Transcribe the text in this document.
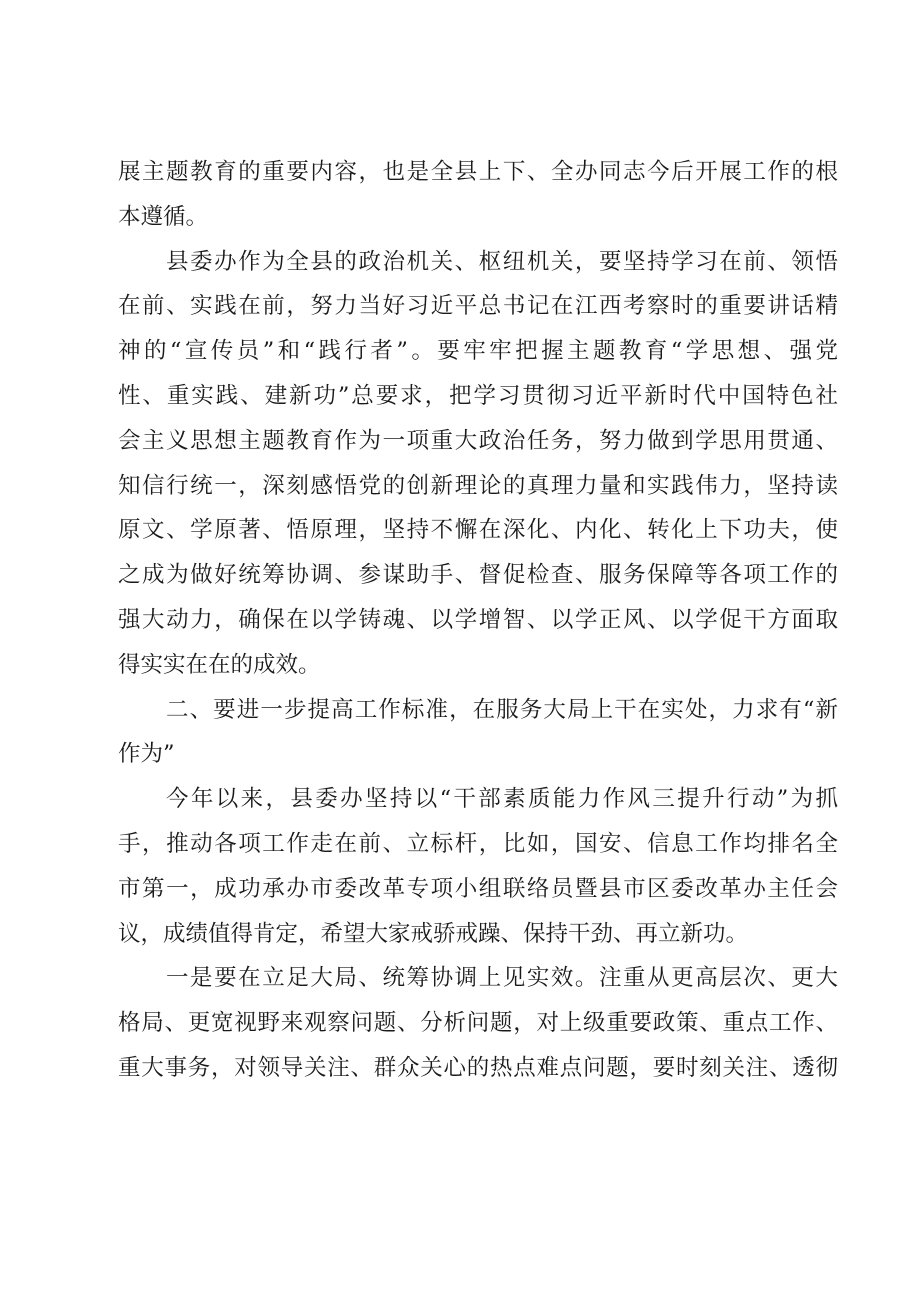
展主题教育的重要内容，也是全县上下、全办同志今后开展工作的根
本遵循。
县委办作为全县的政治机关、枢纽机关，要坚持学习在前、领悟
在前、实践在前，努力当好习近平总书记在江西考察时的重要讲话精
神的“宣传员”和“践行者”。要牢牢把握主题教育“学思想、强党
性、重实践、建新功”总要求，把学习贯彻习近平新时代中国特色社
会主义思想主题教育作为一项重大政治任务，努力做到学思用贯通、
知信行统一，深刻感悟党的创新理论的真理力量和实践伟力，坚持读
原文、学原著、悟原理，坚持不懈在深化、内化、转化上下功夫，使
之成为做好统筹协调、参谋助手、督促检查、服务保障等各项工作的
强大动力，确保在以学铸魂、以学增智、以学正风、以学促干方面取
得实实在在的成效。
二、要进一步提高工作标准，在服务大局上干在实处，力求有“新
作为”
今年以来，县委办坚持以“干部素质能力作风三提升行动”为抓
手，推动各项工作走在前、立标杆，比如，国安、信息工作均排名全
市第一，成功承办市委改革专项小组联络员暨县市区委改革办主任会
议，成绩值得肯定，希望大家戒骄戒躁、保持干劲、再立新功。
一是要在立足大局、统筹协调上见实效。注重从更高层次、更大
格局、更宽视野来观察问题、分析问题，对上级重要政策、重点工作、
重大事务，对领导关注、群众关心的热点难点问题，要时刻关注、透彻
